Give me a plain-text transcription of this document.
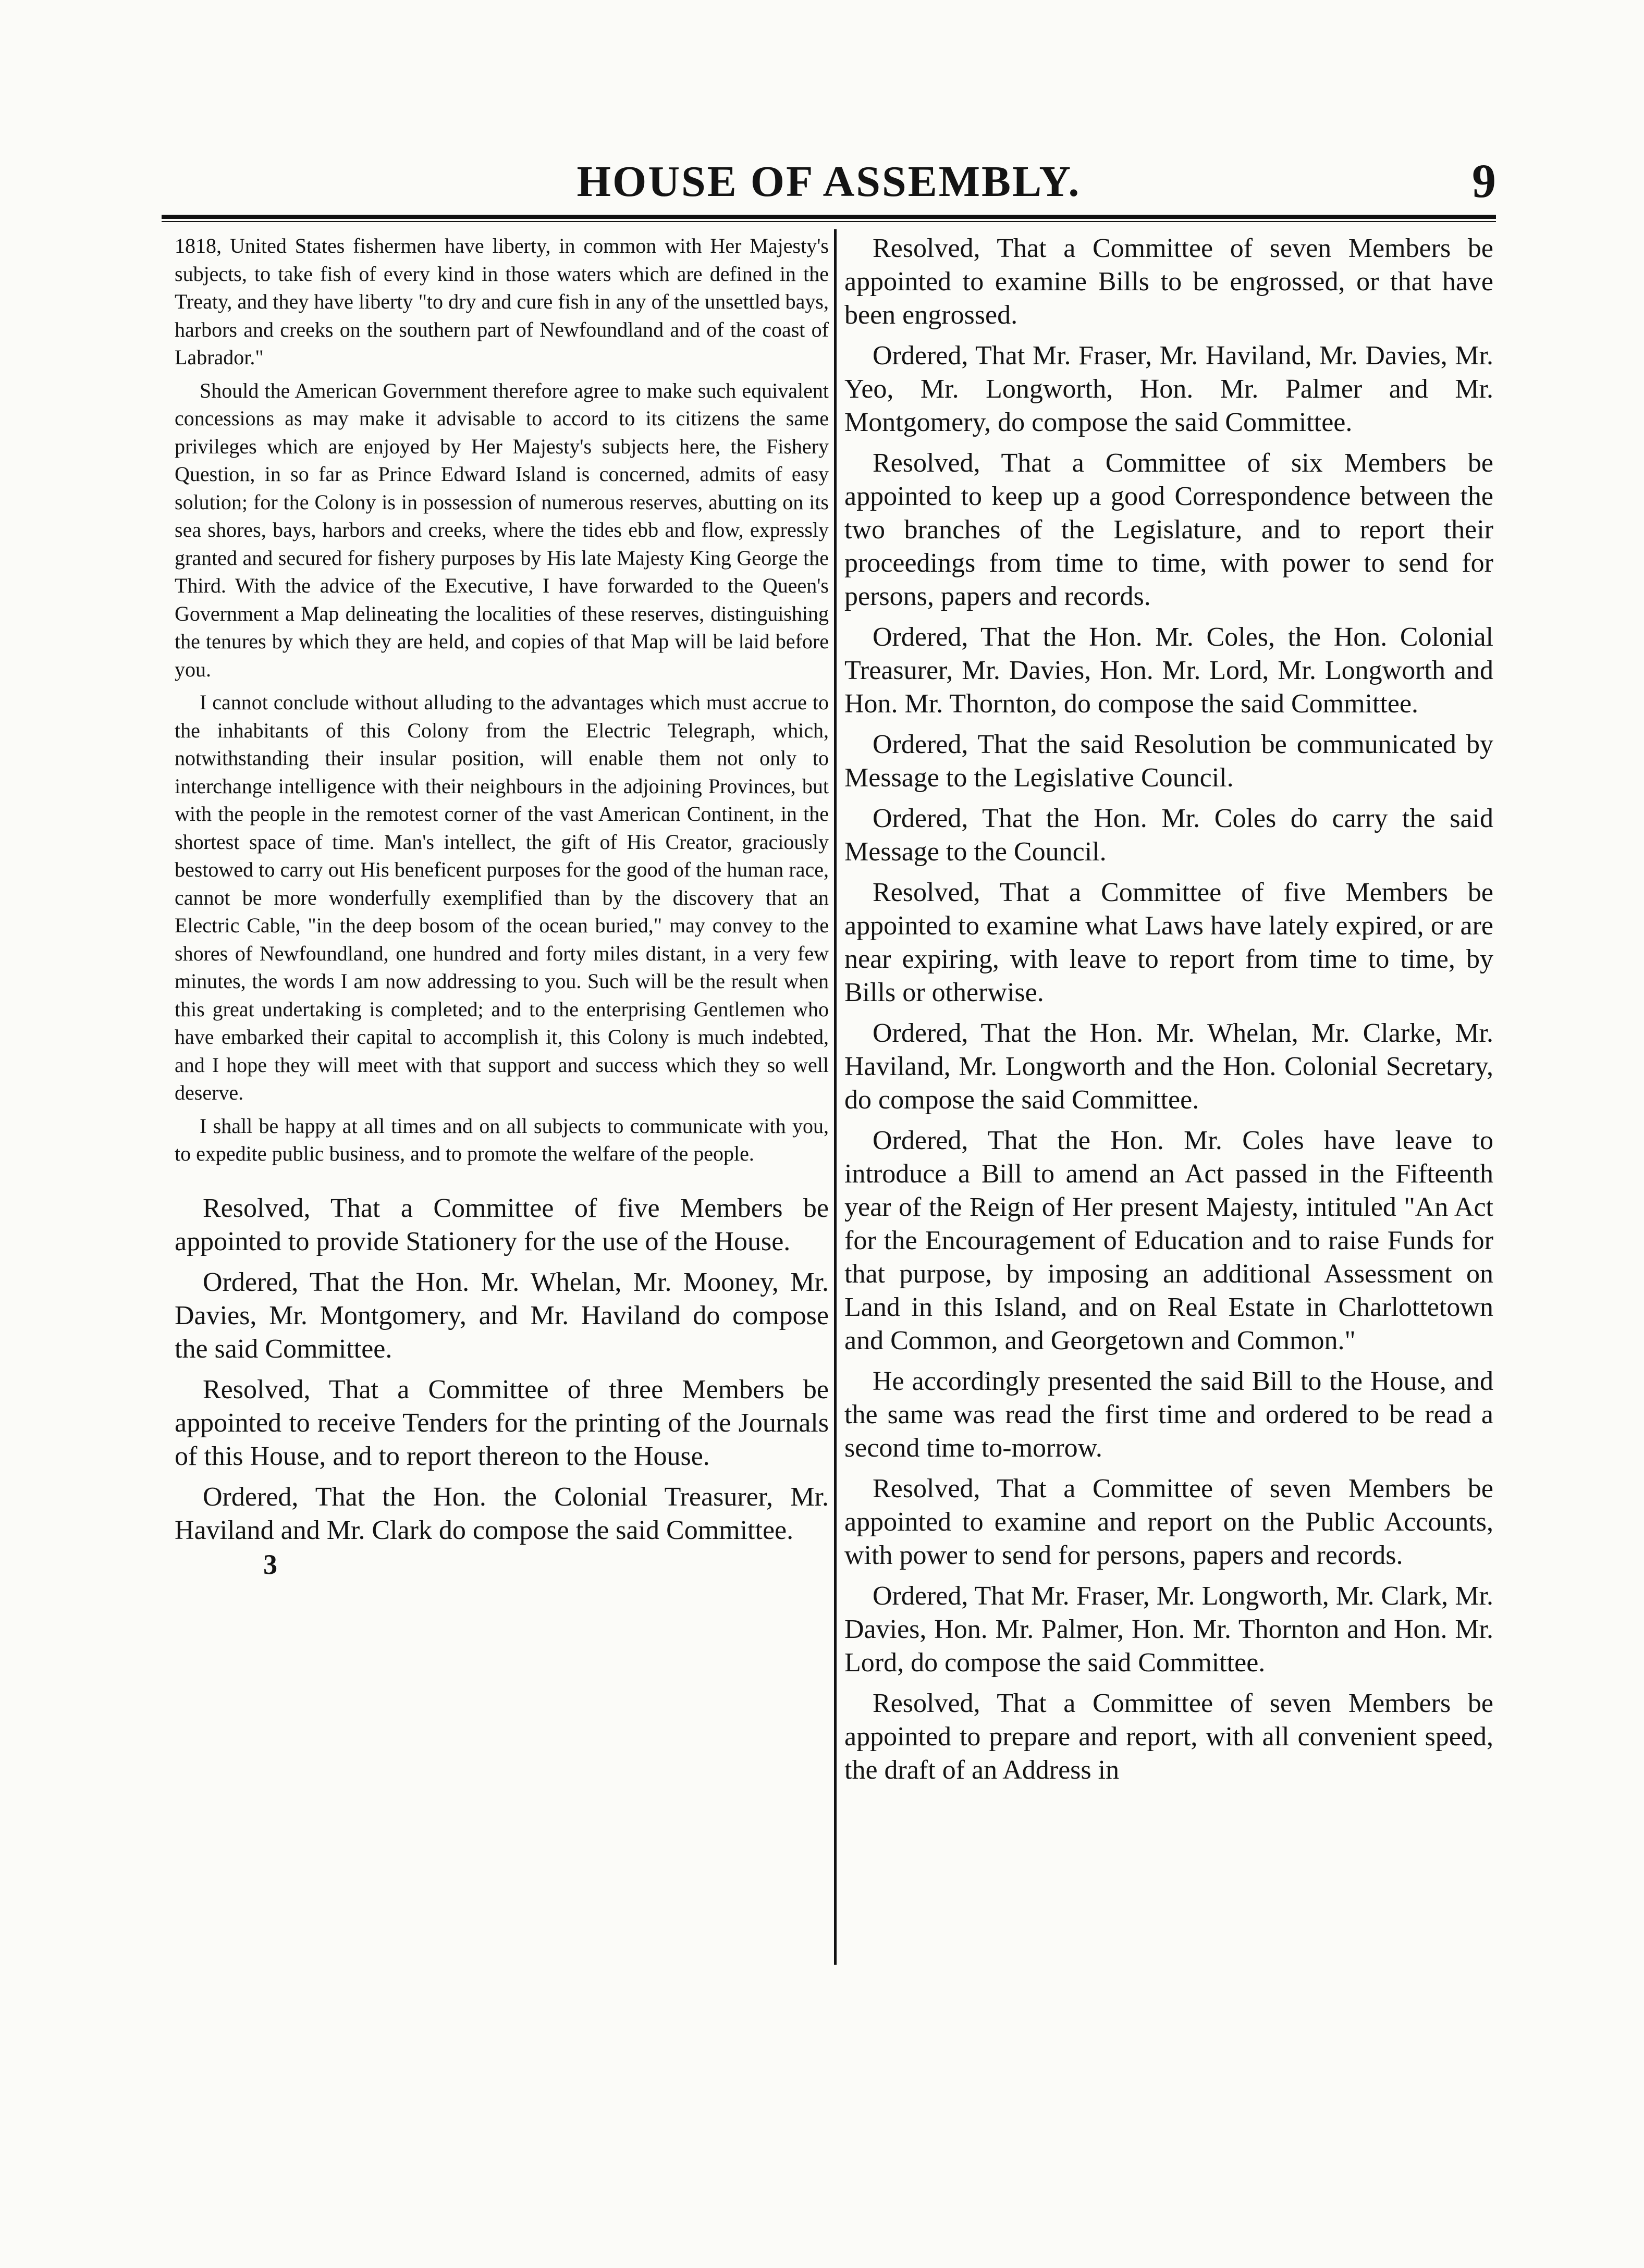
HOUSE OF ASSEMBLY.	9

1818, United States fishermen have liberty, in common with Her Majesty's subjects, to take fish of every kind in those waters which are defined in the Treaty, and they have liberty "to dry and cure fish in any of the unsettled bays, harbors and creeks on the southern part of Newfoundland and of the coast of Labrador."

Should the American Government therefore agree to make such equivalent concessions as may make it advisable to accord to its citizens the same privileges which are enjoyed by Her Majesty's subjects here, the Fishery Question, in so far as Prince Edward Island is concerned, admits of easy solution; for the Colony is in possession of numerous reserves, abutting on its sea shores, bays, harbors and creeks, where the tides ebb and flow, expressly granted and secured for fishery purposes by His late Majesty King George the Third. With the advice of the Executive, I have forwarded to the Queen's Government a Map delineating the localities of these reserves, distinguishing the tenures by which they are held, and copies of that Map will be laid before you.

I cannot conclude without alluding to the advantages which must accrue to the inhabitants of this Colony from the Electric Telegraph, which, notwithstanding their insular position, will enable them not only to interchange intelligence with their neighbours in the adjoining Provinces, but with the people in the remotest corner of the vast American Continent, in the shortest space of time. Man's intellect, the gift of His Creator, graciously bestowed to carry out His beneficent purposes for the good of the human race, cannot be more wonderfully exemplified than by the discovery that an Electric Cable, "in the deep bosom of the ocean buried," may convey to the shores of Newfoundland, one hundred and forty miles distant, in a very few minutes, the words I am now addressing to you. Such will be the result when this great undertaking is completed; and to the enterprising Gentlemen who have embarked their capital to accomplish it, this Colony is much indebted, and I hope they will meet with that support and success which they so well deserve.

I shall be happy at all times and on all subjects to communicate with you, to expedite public business, and to promote the welfare of the people.

Resolved, That a Committee of five Members be appointed to provide Stationery for the use of the House.

Ordered, That the Hon. Mr. Whelan, Mr. Mooney, Mr. Davies, Mr. Montgomery, and Mr. Haviland do compose the said Committee.

Resolved, That a Committee of three Members be appointed to receive Tenders for the printing of the Journals of this House, and to report thereon to the House.

Ordered, That the Hon. the Colonial Treasurer, Mr. Haviland and Mr. Clark do compose the said Committee.

3

Resolved, That a Committee of seven Members be appointed to examine Bills to be engrossed, or that have been engrossed.

Ordered, That Mr. Fraser, Mr. Haviland, Mr. Davies, Mr. Yeo, Mr. Longworth, Hon. Mr. Palmer and Mr. Montgomery, do compose the said Committee.

Resolved, That a Committee of six Members be appointed to keep up a good Correspondence between the two branches of the Legislature, and to report their proceedings from time to time, with power to send for persons, papers and records.

Ordered, That the Hon. Mr. Coles, the Hon. Colonial Treasurer, Mr. Davies, Hon. Mr. Lord, Mr. Longworth and Hon. Mr. Thornton, do compose the said Committee.

Ordered, That the said Resolution be communicated by Message to the Legislative Council.

Ordered, That the Hon. Mr. Coles do carry the said Message to the Council.

Resolved, That a Committee of five Members be appointed to examine what Laws have lately expired, or are near expiring, with leave to report from time to time, by Bills or otherwise.

Ordered, That the Hon. Mr. Whelan, Mr. Clarke, Mr. Haviland, Mr. Longworth and the Hon. Colonial Secretary, do compose the said Committee.

Ordered, That the Hon. Mr. Coles have leave to introduce a Bill to amend an Act passed in the Fifteenth year of the Reign of Her present Majesty, intituled "An Act for the Encouragement of Education and to raise Funds for that purpose, by imposing an additional Assessment on Land in this Island, and on Real Estate in Charlottetown and Common, and Georgetown and Common."

He accordingly presented the said Bill to the House, and the same was read the first time and ordered to be read a second time to-morrow.

Resolved, That a Committee of seven Members be appointed to examine and report on the Public Accounts, with power to send for persons, papers and records.

Ordered, That Mr. Fraser, Mr. Longworth, Mr. Clark, Mr. Davies, Hon. Mr. Palmer, Hon. Mr. Thornton and Hon. Mr. Lord, do compose the said Committee.

Resolved, That a Committee of seven Members be appointed to prepare and report, with all convenient speed, the draft of an Address in
